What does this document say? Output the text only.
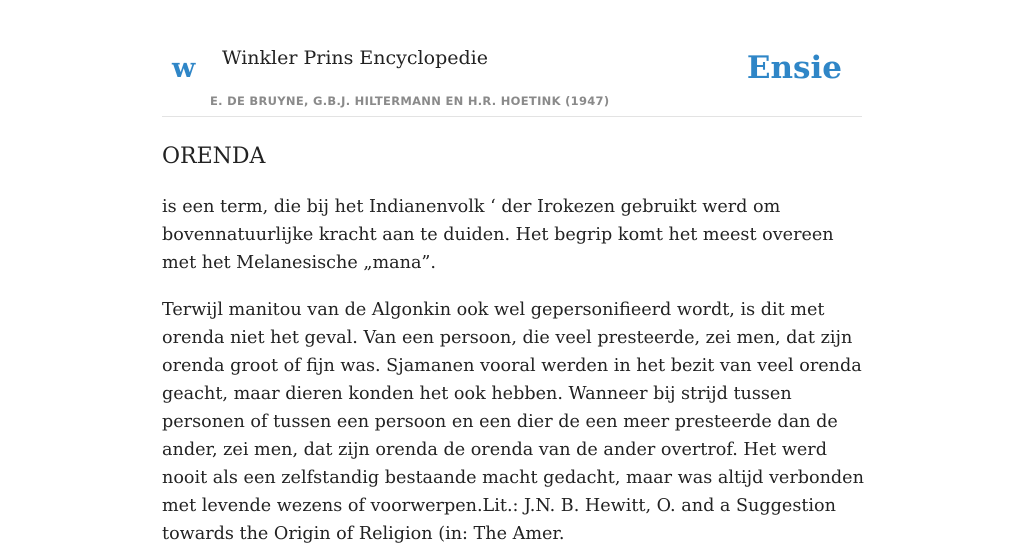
w Winkler Prins Encyclopedie	Ensie
E. DE BRUYNE, G.B.J. HILTERMANN EN H.R. HOETINK (1947)
ORENDA

is een term, die bij het Indianenvolk ‘ der Irokezen gebruikt werd om bovennatuurlijke kracht aan te duiden. Het begrip komt het meest overeen met het Melanesische „mana”.

Terwijl manitou van de Algonkin ook wel gepersonifieerd wordt, is dit met orenda niet het geval. Van een persoon, die veel presteerde, zei men, dat zijn orenda groot of fijn was. Sjamanen vooral werden in het bezit van veel orenda geacht, maar dieren konden het ook hebben. Wanneer bij strijd tussen personen of tussen een persoon en een dier de een meer presteerde dan de ander, zei men, dat zijn orenda de orenda van de ander overtrof. Het werd nooit als een zelfstandig bestaande macht gedacht, maar was altijd verbonden met levende wezens of voorwerpen.Lit.: J.N. B. Hewitt, O. and a Suggestion towards the Origin of Religion (in: The Amer.
